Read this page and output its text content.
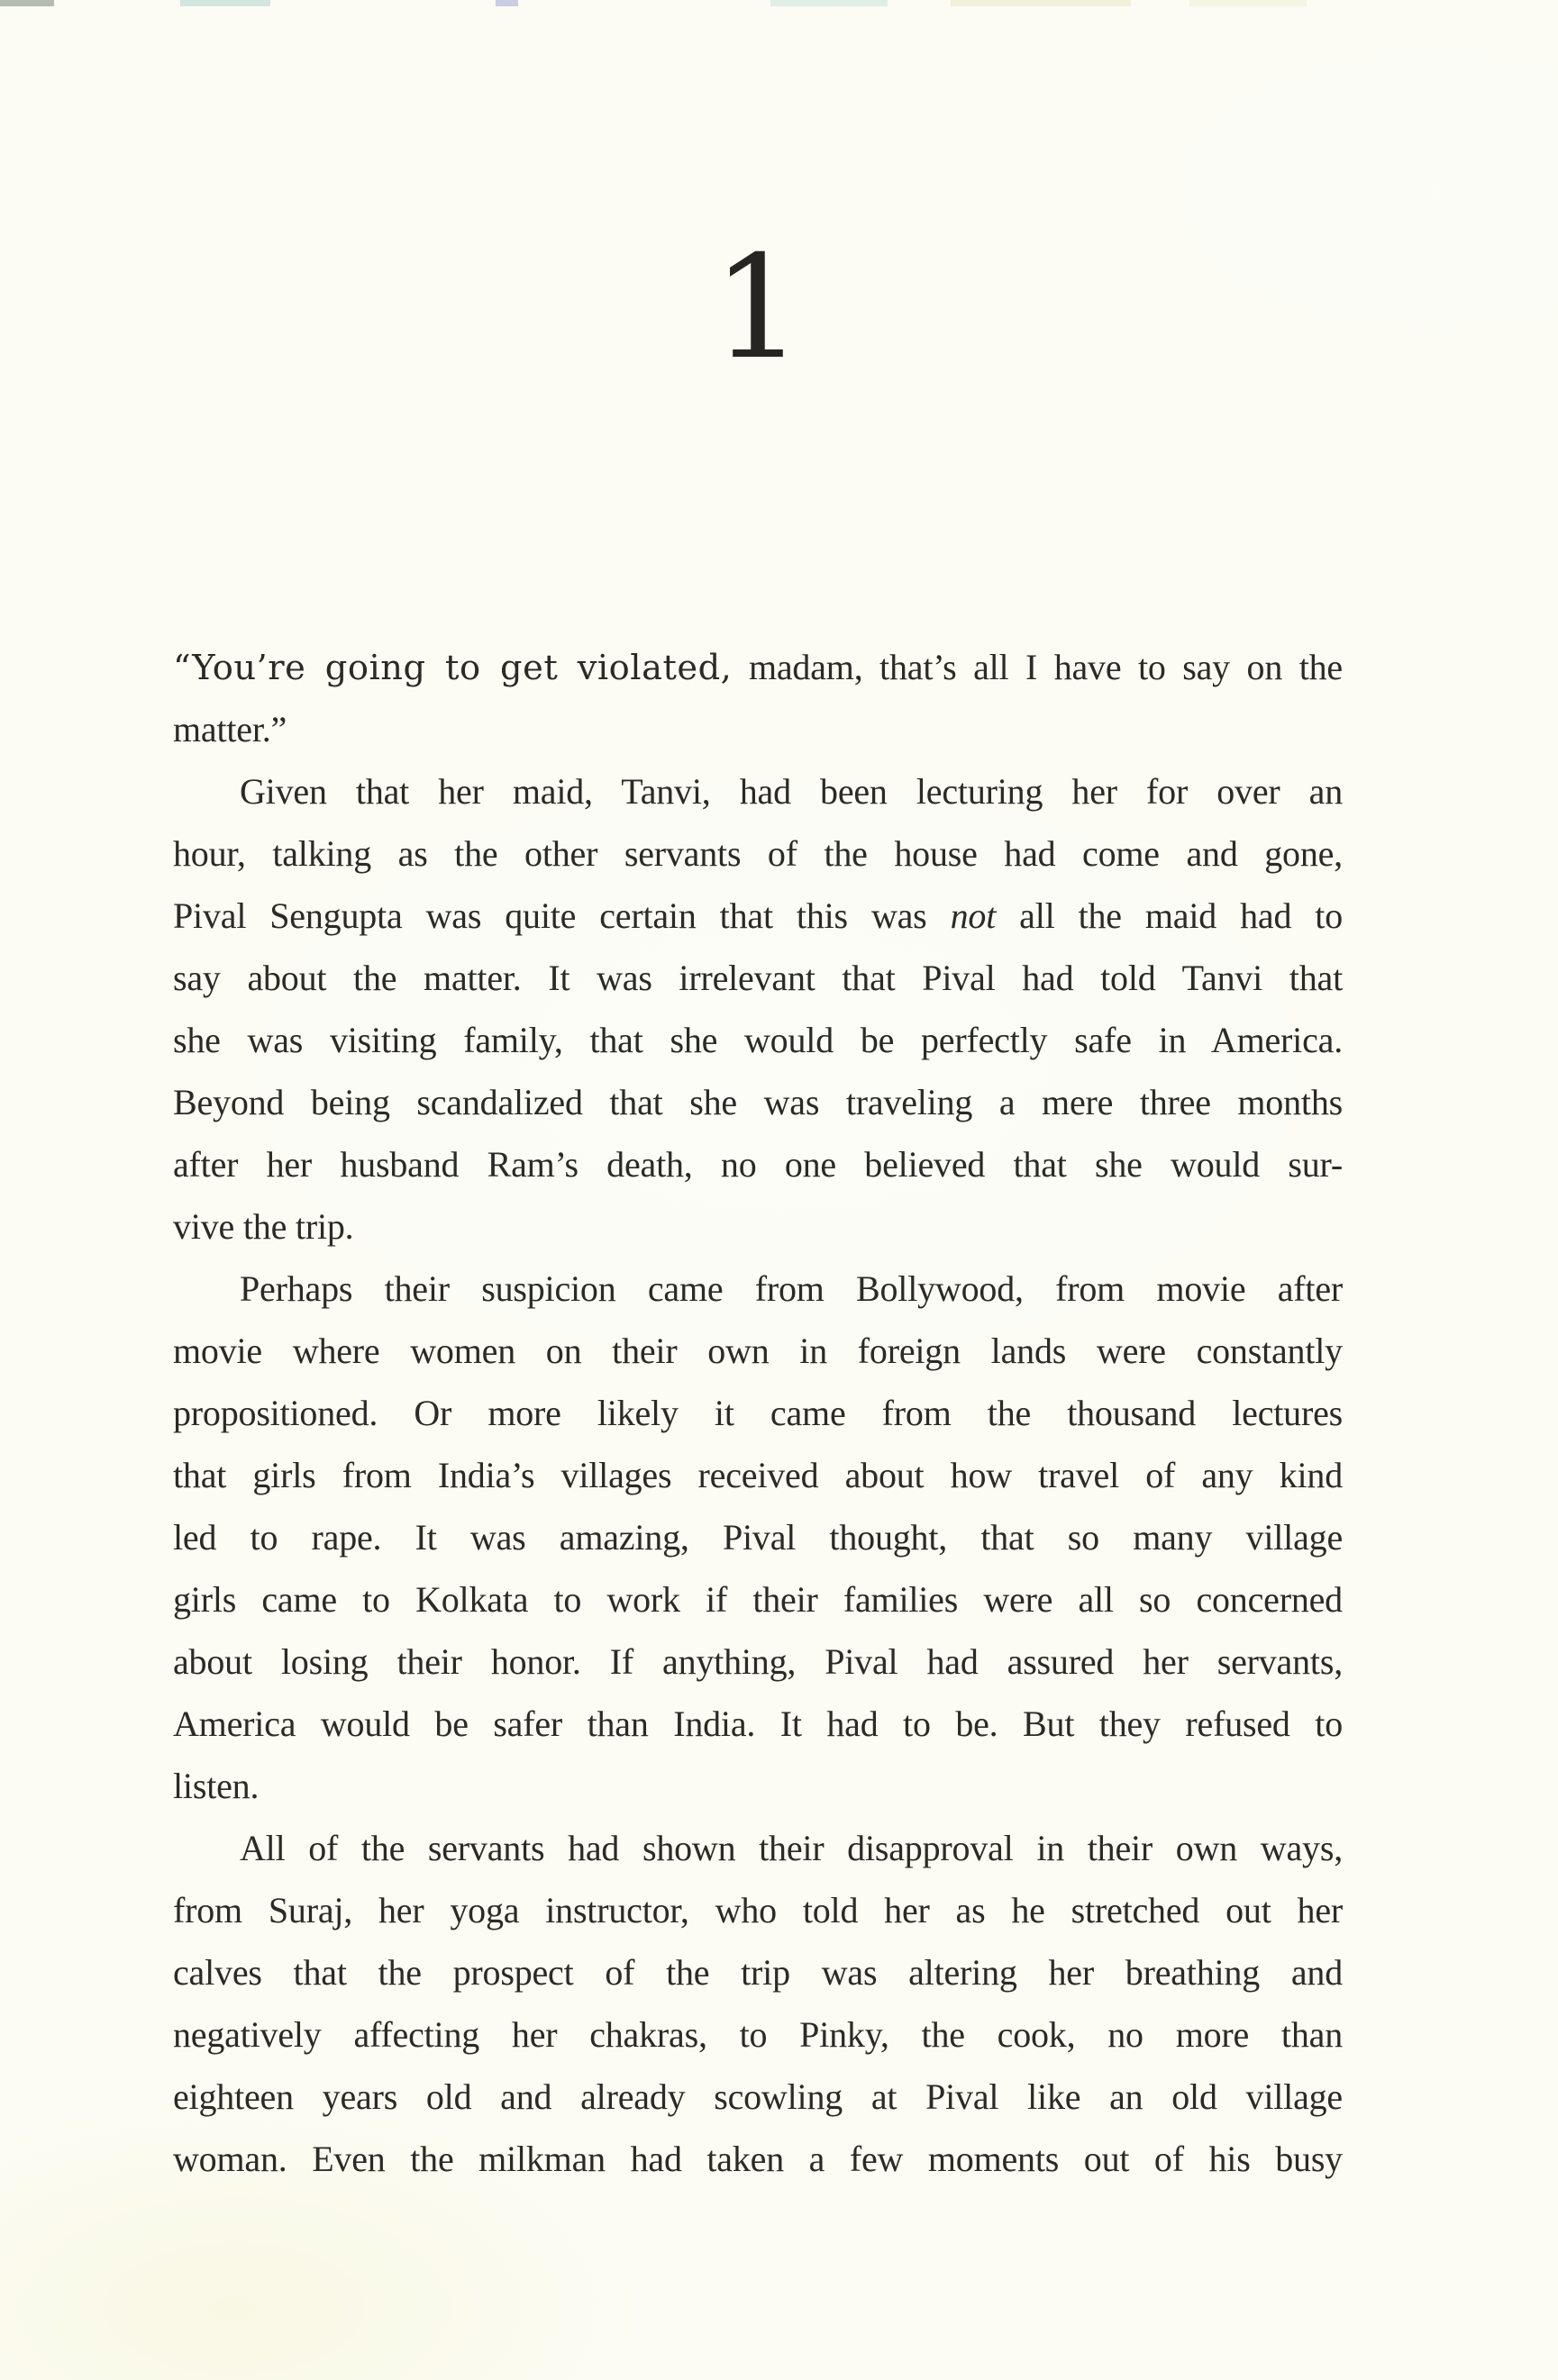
1
“You’re going to get violated, madam, that’s all I have to say on the
matter.”
Given that her maid, Tanvi, had been lecturing her for over an
hour, talking as the other servants of the house had come and gone,
Pival Sengupta was quite certain that this was not all the maid had to
say about the matter. It was irrelevant that Pival had told Tanvi that
she was visiting family, that she would be perfectly safe in America.
Beyond being scandalized that she was traveling a mere three months
after her husband Ram’s death, no one believed that she would sur-
vive the trip.
Perhaps their suspicion came from Bollywood, from movie after
movie where women on their own in foreign lands were constantly
propositioned. Or more likely it came from the thousand lectures
that girls from India’s villages received about how travel of any kind
led to rape. It was amazing, Pival thought, that so many village
girls came to Kolkata to work if their families were all so concerned
about losing their honor. If anything, Pival had assured her servants,
America would be safer than India. It had to be. But they refused to
listen.
All of the servants had shown their disapproval in their own ways,
from Suraj, her yoga instructor, who told her as he stretched out her
calves that the prospect of the trip was altering her breathing and
negatively affecting her chakras, to Pinky, the cook, no more than
eighteen years old and already scowling at Pival like an old village
woman. Even the milkman had taken a few moments out of his busy
